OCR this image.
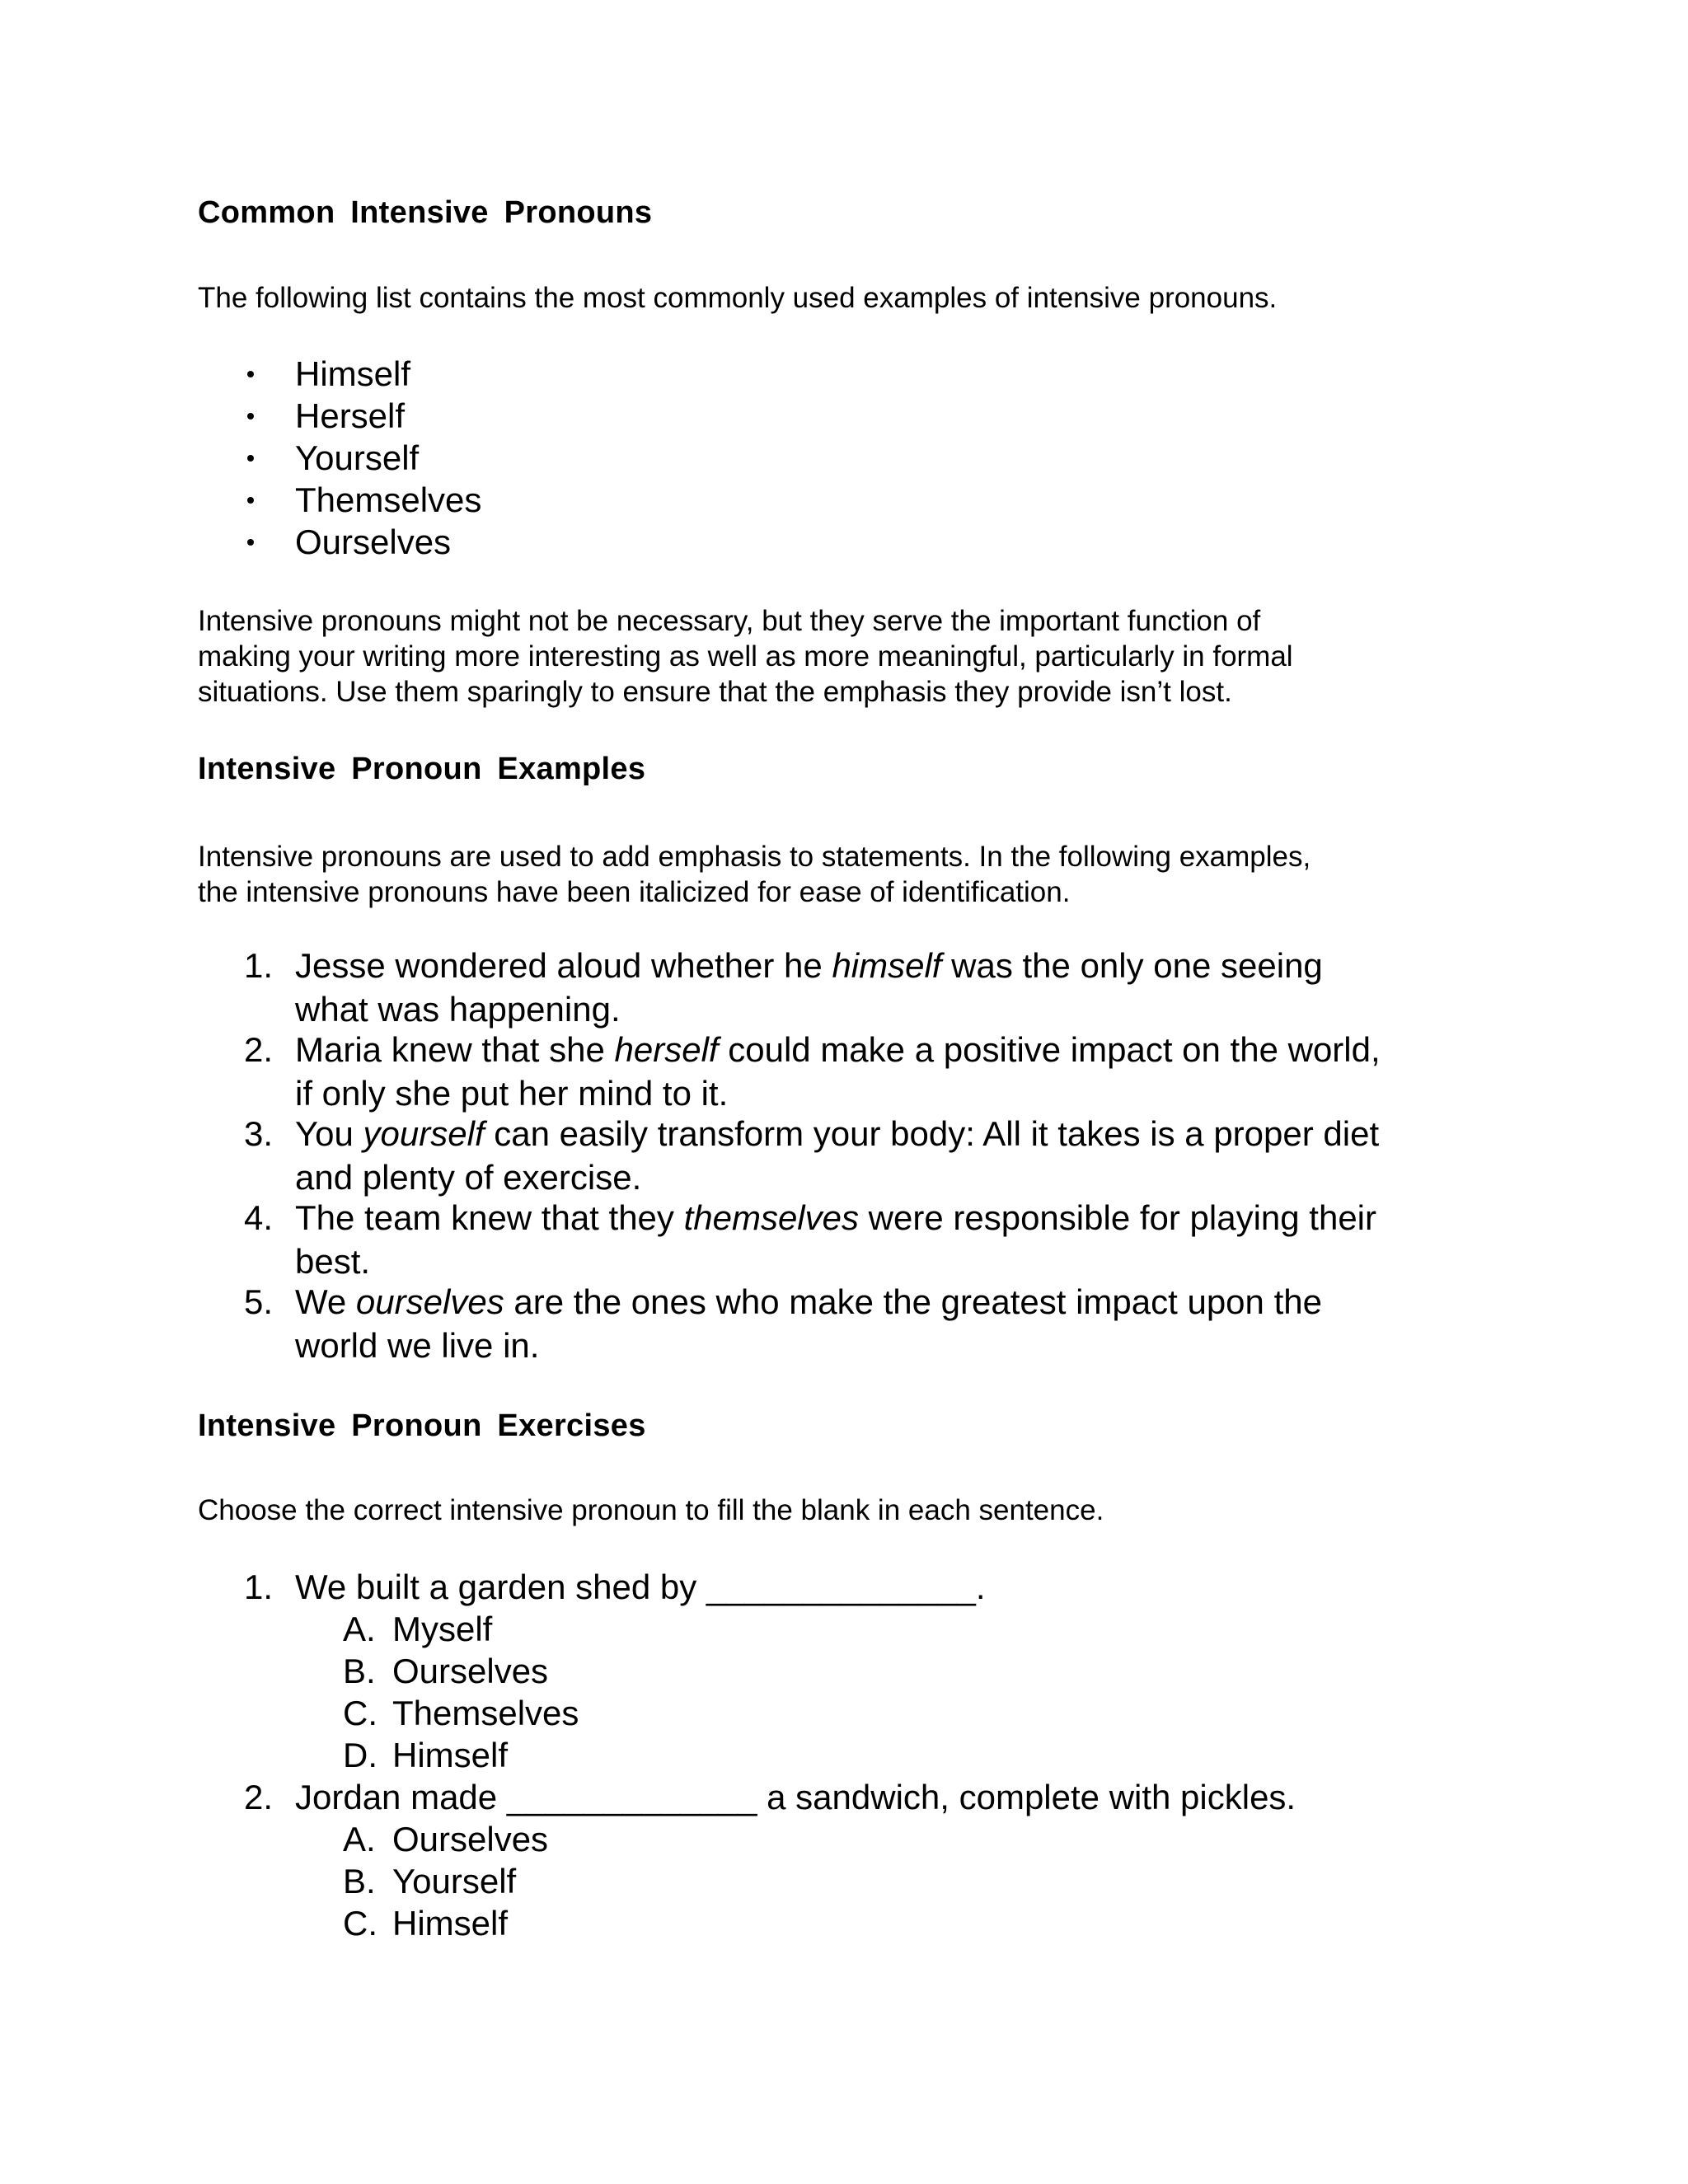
Common Intensive Pronouns
The following list contains the most commonly used examples of intensive pronouns.
Himself
Herself
Yourself
Themselves
Ourselves
Intensive pronouns might not be necessary, but they serve the important function of
making your writing more interesting as well as more meaningful, particularly in formal
situations. Use them sparingly to ensure that the emphasis they provide isn’t lost.
Intensive Pronoun Examples
Intensive pronouns are used to add emphasis to statements. In the following examples,
the intensive pronouns have been italicized for ease of identification.
1. Jesse wondered aloud whether he himself was the only one seeing
what was happening.
2. Maria knew that she herself could make a positive impact on the world,
if only she put her mind to it.
3. You yourself can easily transform your body: All it takes is a proper diet
and plenty of exercise.
4. The team knew that they themselves were responsible for playing their
best.
5. We ourselves are the ones who make the greatest impact upon the
world we live in.
Intensive Pronoun Exercises
Choose the correct intensive pronoun to fill the blank in each sentence.
1. We built a garden shed by ______________.
A. Myself
B. Ourselves
C. Themselves
D. Himself
2. Jordan made _____________ a sandwich, complete with pickles.
A. Ourselves
B. Yourself
C. Himself
